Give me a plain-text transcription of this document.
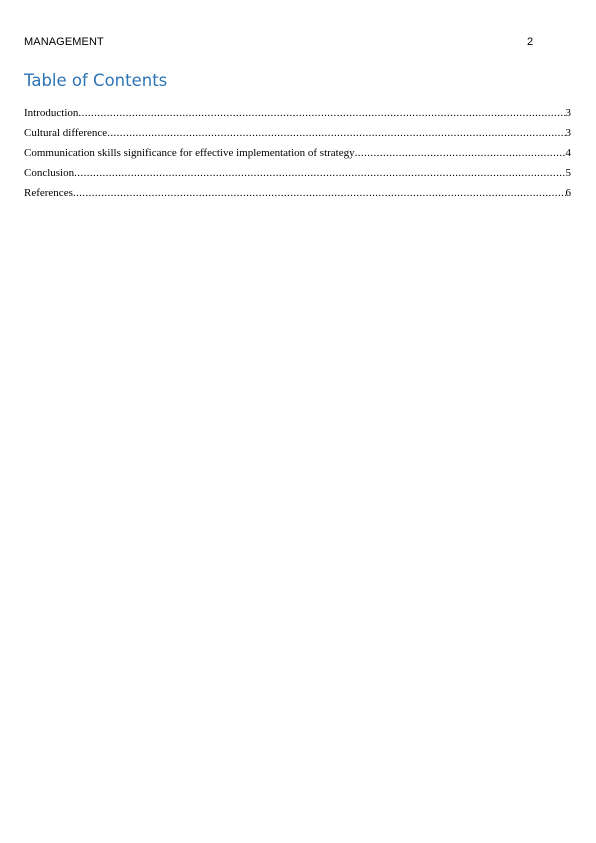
MANAGEMENT	2
Table of Contents
Introduction .....	3
Cultural difference .....	3
Communication skills significance for effective implementation of strategy .....	4
Conclusion .....	5
References .....	6
